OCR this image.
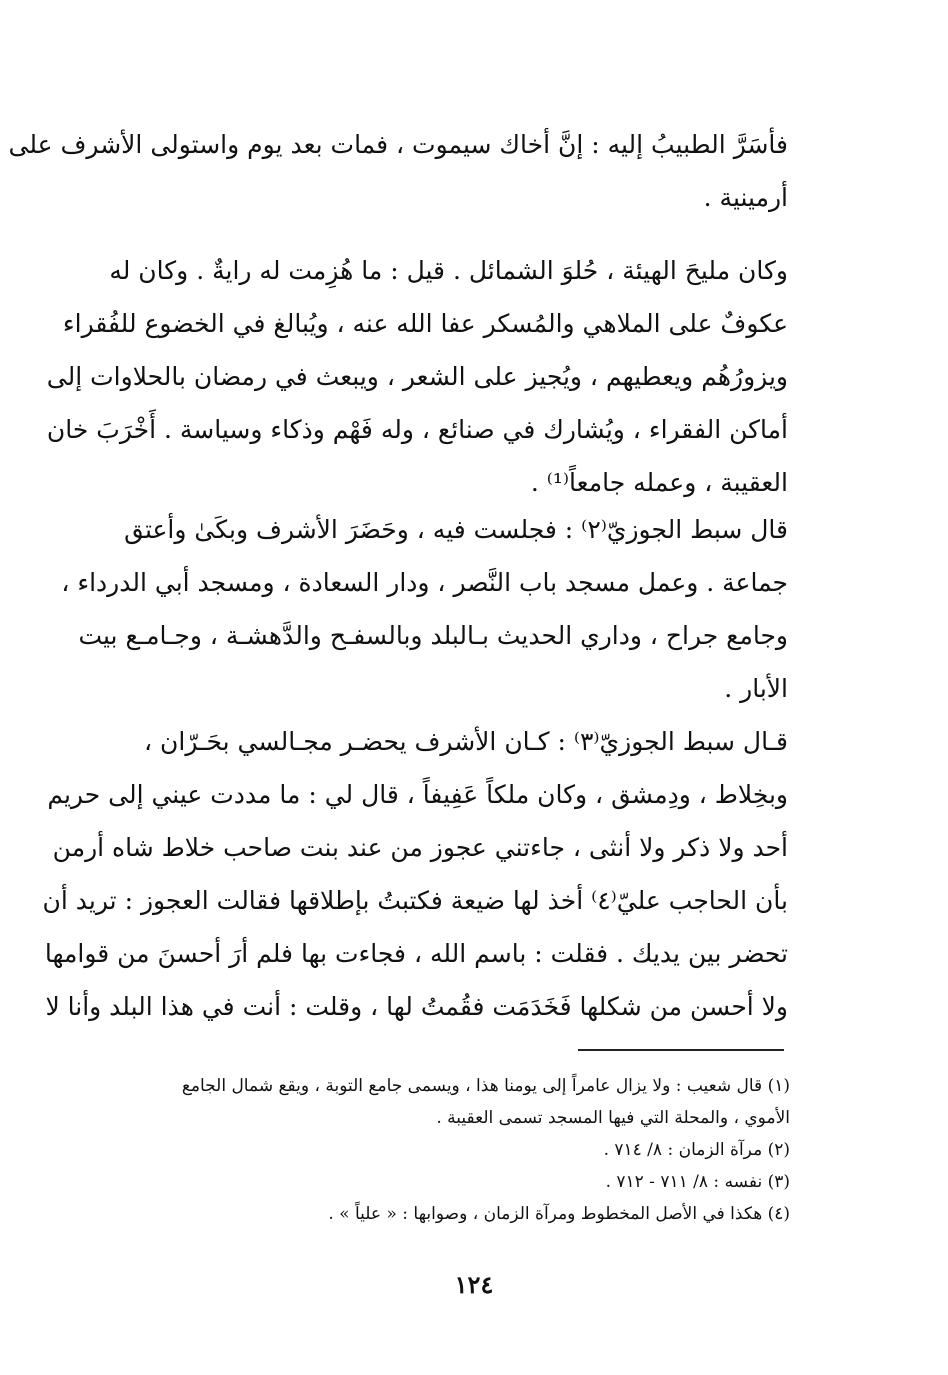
فأسَرَّ الطبيبُ إليه : إنَّ أخاك سيموت ، فمات بعد يوم واستولى الأشرف على
أرمينية .
وكان مليحَ الهيئة ، حُلوَ الشمائل . قيل : ما هُزِمت له رايةٌ . وكان له
عكوفٌ على الملاهي والمُسكر عفا الله عنه ، ويُبالغ في الخضوع للفُقراء
ويزورُهُم ويعطيهم ، ويُجيز على الشعر ، ويبعث في رمضان بالحلاوات إلى
أماكن الفقراء ، ويُشارك في صنائع ، وله فَهْم وذكاء وسياسة . أَخْرَبَ خان
العقيبة ، وعمله جامعاً⁽¹⁾ .
قال سبط الجوزيّ⁽٢⁾ : فجلست فيه ، وحَضَرَ الأشرف وبكَىٰ وأعتق
جماعة . وعمل مسجد باب النَّصر ، ودار السعادة ، ومسجد أبي الدرداء ،
وجامع جراح ، وداري الحديث بـالبلد وبالسفـح والدَّهشـة ، وجـامـع بيت
الأبار .
قـال سبط الجوزيّ⁽٣⁾ : كـان الأشرف يحضـر مجـالسي بحَـرّان ،
وبخِلاط ، ودِمشق ، وكان ملكاً عَفِيفاً ، قال لي : ما مددت عيني إلى حريم
أحد ولا ذكر ولا أنثى ، جاءتني عجوز من عند بنت صاحب خلاط شاه أرمن
بأن الحاجب عليّ⁽٤⁾ أخذ لها ضيعة فكتبتُ بإطلاقها فقالت العجوز : تريد أن
تحضر بين يديك . فقلت : باسم الله ، فجاءت بها فلم أرَ أحسنَ من قوامها
ولا أحسن من شكلها فَخَدَمَت فقُمتُ لها ، وقلت : أنت في هذا البلد وأنا لا
(١) قال شعيب : ولا يزال عامراً إلى يومنا هذا ، ويسمى جامع التوبة ، ويقع شمال الجامع
الأموي ، والمحلة التي فيها المسجد تسمى العقيبة .
(٢) مرآة الزمان : ٨/ ٧١٤ .
(٣) نفسه : ٨/ ٧١١ - ٧١٢ .
(٤) هكذا في الأصل المخطوط ومرآة الزمان ، وصوابها : « علياً » .
١٢٤
